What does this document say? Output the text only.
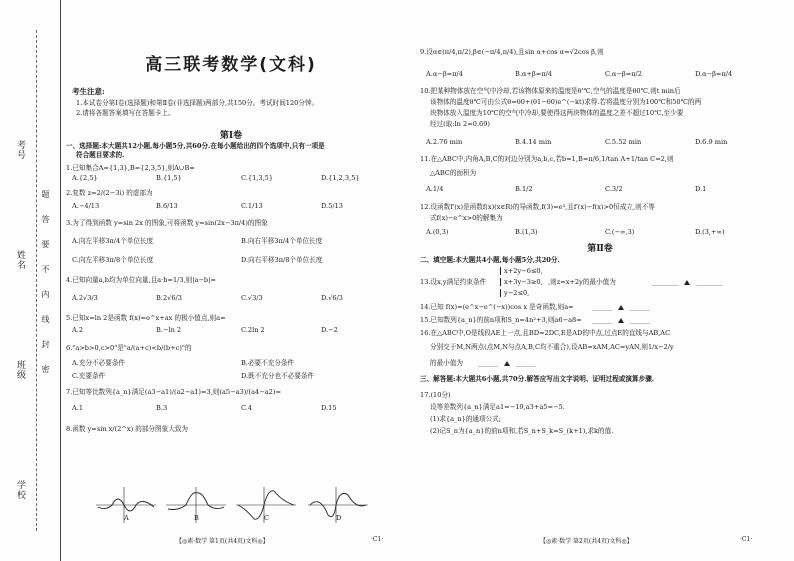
考号
姓名
班级
学校
题
答
要
不
内
线
封
密
高三联考数学(文科)
考生注意:
1.本试卷分第Ⅰ卷(选择题)和第Ⅱ卷(非选择题)两部分,共150分。考试时间120分钟。
2.请将各题答案填写在答题卡上。
第Ⅰ卷
一、选择题:本大题共12小题,每小题5分,共60分.在每小题给出的四个选项中,只有一项是
符合题目要求的.
1.已知集合A={1,3},B={2,3,5},则A∪B=
A.{2,5}	B.{1,5}	C.{1,3,5}	D.{1,2,3,5}
2.复数 z=2/(2−3i) 的虚部为
A.−4/13	B.6/13	C.1/13	D.5/13
3.为了得到函数 y=sin 2x 的图象,可将函数 y=sin(2x−3π/4)的图象
A.向左平移3π/4个单位长度	B.向右平移3π/4个单位长度
C.向左平移3π/8个单位长度	D.向右平移3π/8个单位长度
4.已知向量a,b均为单位向量,且a·b=1/3,则|a−b|=
A.2√3/3	B.2√6/3	C.√3/3	D.√6/3
5.已知x=ln 2是函数 f(x)=e^x+ax 的极小值点,则a=
A.2	B.−ln 2	C.2ln 2	D.−2
6."a>b>0,c>0"是"a/(a+c)<b/(b+c)"的
A.充分不必要条件	B.必要不充分条件
C.充要条件	D.既不充分也不必要条件
7.已知等比数列{a_n}满足(a3−a1)/(a2−a1)=3,则(a5−a3)/(a4−a2)=
A.1	B.3	C.4	D.15
8.函数 y=sin x/(2^x) 的部分图象大致为
A	B	C	D
【◎素·数学 第1页(共4页)文科◎】	·C1·
9.设α∈(π/4,π/2),β∈(−π/4,π/4),且sin α+cos α=√2cos β,则
A.α−β=π/4	B.α+β=π/4	C.α−β=π/2	D.α−β=π/4
10.把某种物体放在空气中冷却,若该物体原来的温度是θ'℃,空气的温度是θ0℃,则t min后
该物体的温度θ℃可由公式θ=θ0+(θ1−θ0)e^(−kt)求得.若将温度分别为100℃和50℃的两
块物体放入温度为10℃的空气中冷却,要使得这两块物体的温度之差不超过10℃,至少要
经过(取:ln 2=0.69)
A.2.76 min	B.4.14 min	C.5.52 min	D.6.9 min
11.在△ABC中,内角A,B,C的对边分别为a,b,c,若b=1,B=π/6,1/tan A+1/tan C=2,则
△ABC的面积为
A.1/4	B.1/2	C.3/2	D.1
12.设函数f′(x)是函数f(x)(x∈R)的导函数,f(3)=e³,且f′(x)−f(x)>0恒成立,则不等
式f(x)−e^x>0的解集为
A.(0,3)	B.(1,3)	C.(−∞,3)	D.(3,+∞)
第Ⅱ卷
二、填空题:本大题共4小题,每小题5分,共20分.
13.设x,y满足约束条件
x+2y−6≤0,
x+3y−3≥0,
y−2≤0,
,则z=x+2y的最小值为	________	________
14.已知 f(x)=(e^x−e^(−x))cos x 是奇函数,则a=	______	______
15.已知数列{a_n}的前n项和S_n=4n²+3,则a6−a8= ______	______
16.在△ABC中,O是线段AE上一点,且BD=2DC,E是AD的中点,过点E的直线与AB,AC
分别交于M,N两点(点M,N与点A,B,C均不重合),设AB=xAM,AC=yAN,则1/x−2/y
的最小值为 ______	______
三、解答题:本大题共6小题,共70分.解答应写出文字说明、证明过程或演算步骤.
17.(10分)
设等差数列{a_n}满足a1=−19,a3+a5=−5.
(1)求{a_n}的通项公式;
(2)记S_n为{a_n}的前n项和,若S_n+S_k=S_(k+1),求k的值.
【◎素·数学 第2页(共4页)文科◎】	·C1·
